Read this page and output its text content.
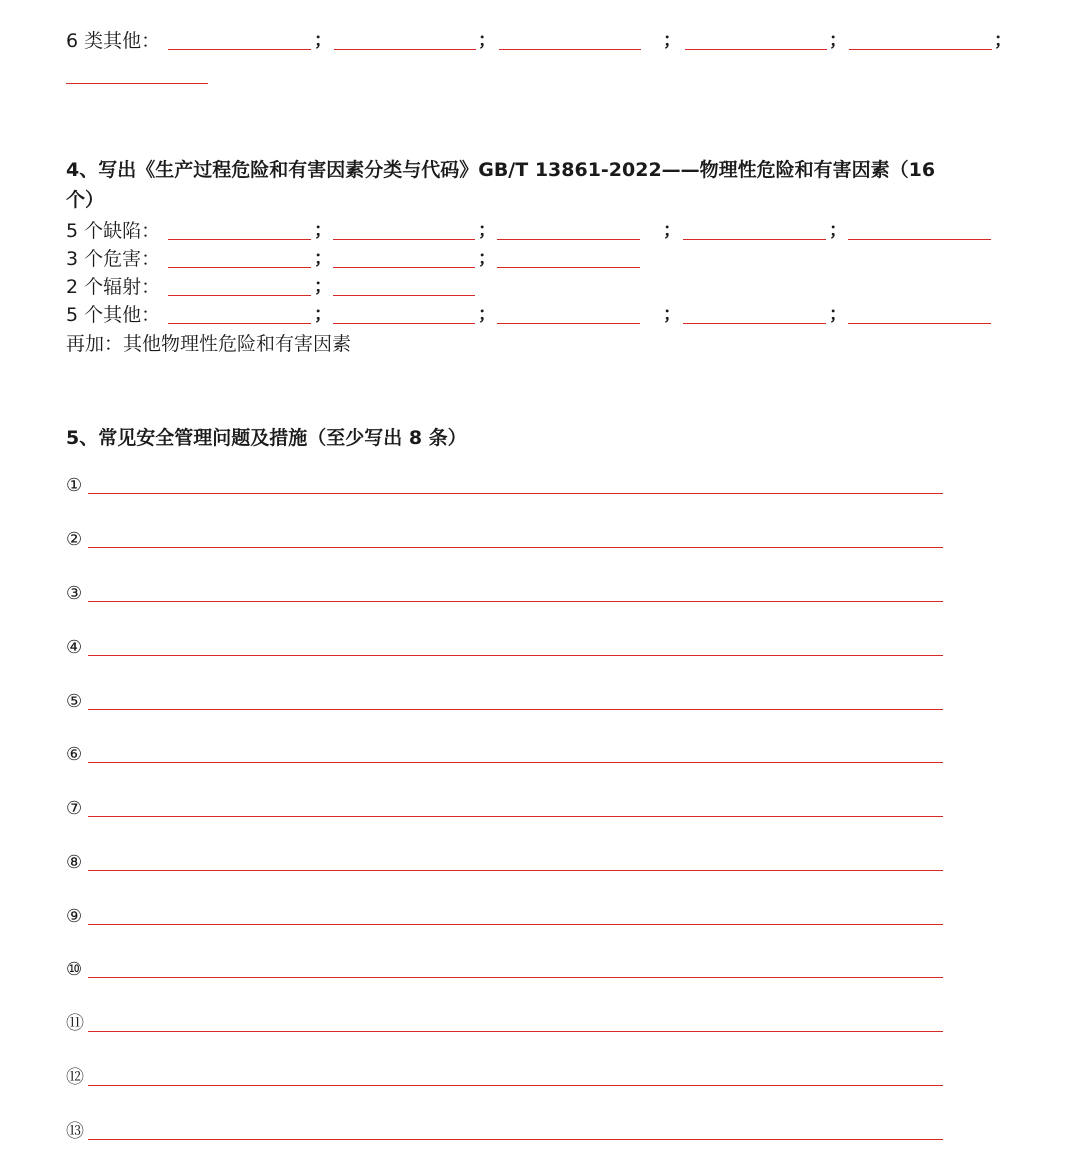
6 类其他：	；	；	；	；	；
4、写出《生产过程危险和有害因素分类与代码》GB/T 13861-2022——物理性危险和有害因素（16
个）
5 个缺陷：	；	；	；	；
3 个危害：	；	；
2 个辐射：	；
5 个其他：	；	；	；	；
再加：其他物理性危险和有害因素
5、常见安全管理问题及措施（至少写出 8 条）
①
②
③
④
⑤
⑥
⑦
⑧
⑨
⑩
⑪
⑫
⑬
